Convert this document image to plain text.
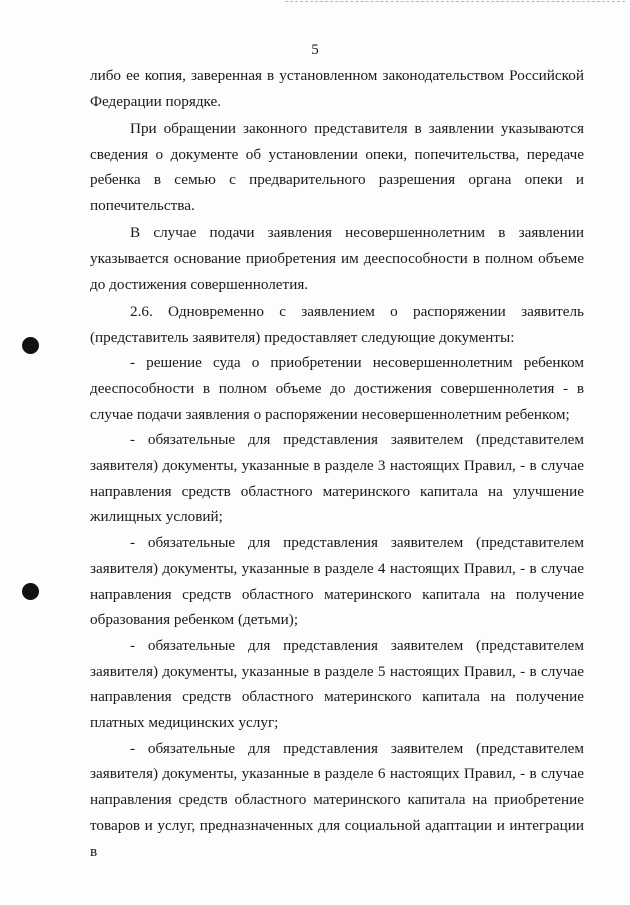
5

либо ее копия, заверенная в установленном законодательством Российской Федерации порядке.

При обращении законного представителя в заявлении указываются сведения о документе об установлении опеки, попечительства, передаче ребенка в семью с предварительного разрешения органа опеки и попечительства.

В случае подачи заявления несовершеннолетним в заявлении указывается основание приобретения им дееспособности в полном объеме до достижения совершеннолетия.

2.6. Одновременно с заявлением о распоряжении заявитель (представитель заявителя) предоставляет следующие документы:

- решение суда о приобретении несовершеннолетним ребенком дееспособности в полном объеме до достижения совершеннолетия - в случае подачи заявления о распоряжении несовершеннолетним ребенком;

- обязательные для представления заявителем (представителем заявителя) документы, указанные в разделе 3 настоящих Правил, - в случае направления средств областного материнского капитала на улучшение жилищных условий;

- обязательные для представления заявителем (представителем заявителя) документы, указанные в разделе 4 настоящих Правил, - в случае направления средств областного материнского капитала на получение образования ребенком (детьми);

- обязательные для представления заявителем (представителем заявителя) документы, указанные в разделе 5 настоящих Правил, - в случае направления средств областного материнского капитала на получение платных медицинских услуг;

- обязательные для представления заявителем (представителем заявителя) документы, указанные в разделе 6 настоящих Правил, - в случае направления средств областного материнского капитала на приобретение товаров и услуг, предназначенных для социальной адаптации и интеграции в
